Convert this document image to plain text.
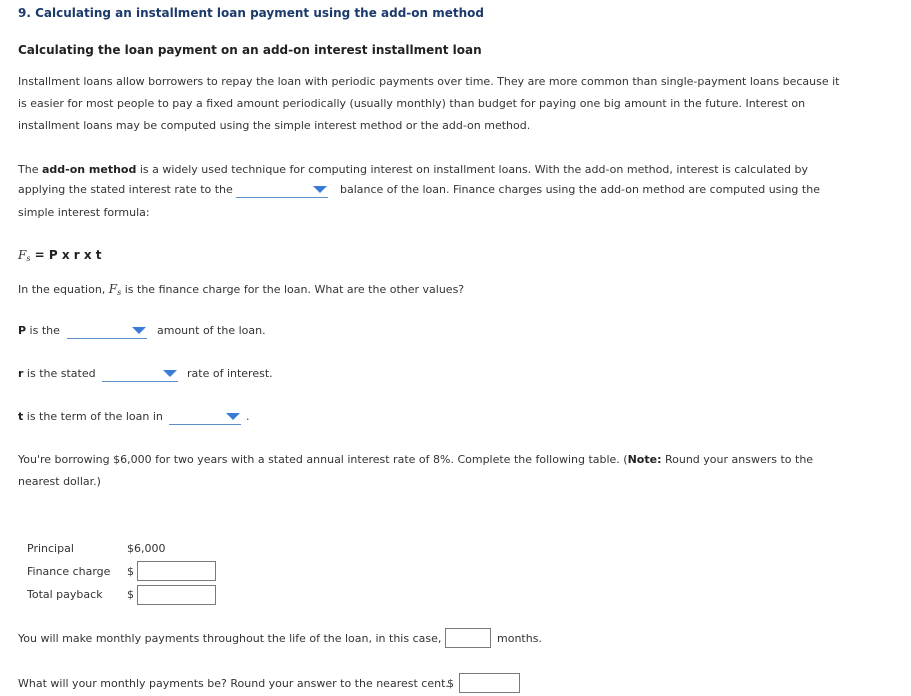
9. Calculating an installment loan payment using the add-on method
Calculating the loan payment on an add-on interest installment loan
Installment loans allow borrowers to repay the loan with periodic payments over time. They are more common than single-payment loans because it
is easier for most people to pay a fixed amount periodically (usually monthly) than budget for paying one big amount in the future. Interest on
installment loans may be computed using the simple interest method or the add-on method.
The add-on method is a widely used technique for computing interest on installment loans. With the add-on method, interest is calculated by
applying the stated interest rate to the	balance of the loan. Finance charges using the add-on method are computed using the
simple interest formula:
$F_s = P$ x r x t
In the equation, $F_s$ is the finance charge for the loan. What are the other values?
P is the	amount of the loan.
r is the stated	rate of interest.
t is the term of the loan in	.
You're borrowing $6,000 for two years with a stated annual interest rate of 8%. Complete the following table. (Note: Round your answers to the
nearest dollar.)
Principal	$6,000
Finance charge $
Total payback $
You will make monthly payments throughout the life of the loan, in this case,	months.
What will your monthly payments be? Round your answer to the nearest cent.
$
